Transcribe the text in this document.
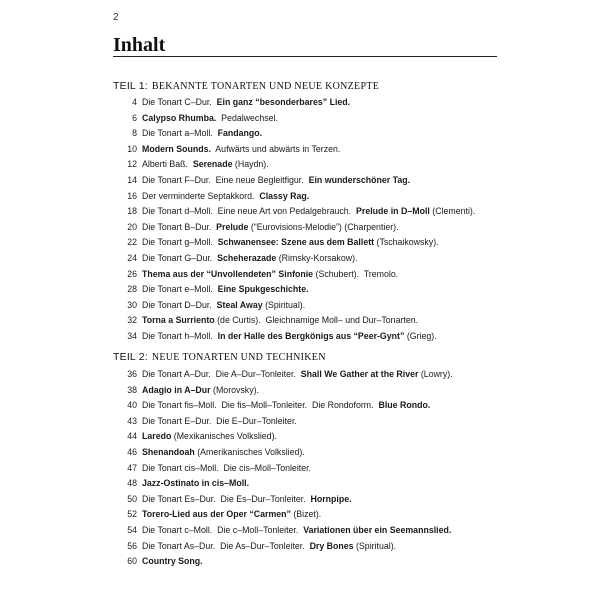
2
Inhalt
TEIL 1: BEKANNTE TONARTEN UND NEUE KONZEPTE
4 Die Tonart C–Dur.  Ein ganz “besonderbares” Lied.
6 Calypso Rhumba.  Pedalwechsel.
8 Die Tonart a–Moll.  Fandango.
10 Modern Sounds.  Aufwärts und abwärts in Terzen.
12 Alberti Baß.  Serenade (Haydn).
14 Die Tonart F–Dur.  Eine neue Begleitfigur.  Ein wunderschöner Tag.
16 Der verminderte Septakkord.  Classy Rag.
18 Die Tonart d–Moll.  Eine neue Art von Pedalgebrauch.  Prelude in D–Moll (Clementi).
20 Die Tonart B–Dur.  Prelude (“Eurovisions-Melodie”) (Charpentier).
22 Die Tonart g–Moll.  Schwanensee: Szene aus dem Ballett (Tschaikowsky).
24 Die Tonart G–Dur.  Scheherazade (Rimsky-Korsakow).
26 Thema aus der “Unvollendeten” Sinfonie (Schubert).  Tremolo.
28 Die Tonart e–Moll.  Eine Spukgeschichte.
30 Die Tonart D–Dur.  Steal Away (Spiritual).
32 Torna a Surriento (de Curtis).  Gleichnamige Moll– und Dur–Tonarten.
34 Die Tonart h–Moll.  In der Halle des Bergkönigs aus “Peer-Gynt” (Grieg).
TEIL 2: NEUE TONARTEN UND TECHNIKEN
36 Die Tonart A–Dur.  Die A–Dur–Tonleiter.  Shall We Gather at the River (Lowry).
38 Adagio in A–Dur (Morovsky).
40 Die Tonart fis–Moll.  Die fis–Moll–Tonleiter.  Die Rondoform.  Blue Rondo.
43 Die Tonart E–Dur.  Die E–Dur–Tonleiter.
44 Laredo (Mexikanisches Volkslied).
46 Shenandoah (Amerikanisches Volkslied).
47 Die Tonart cis–Moll.  Die cis–Moll–Tonleiter.
48 Jazz-Ostinato in cis–Moll.
50 Die Tonart Es–Dur.  Die Es–Dur–Tonleiter.  Hornpipe.
52 Torero-Lied aus der Oper “Carmen” (Bizet).
54 Die Tonart c–Moll.  Die c–Moll–Tonleiter.  Variationen über ein Seemannslied.
56 Die Tonart As–Dur.  Die As–Dur–Tonleiter.  Dry Bones (Spiritual).
60 Country Song.
